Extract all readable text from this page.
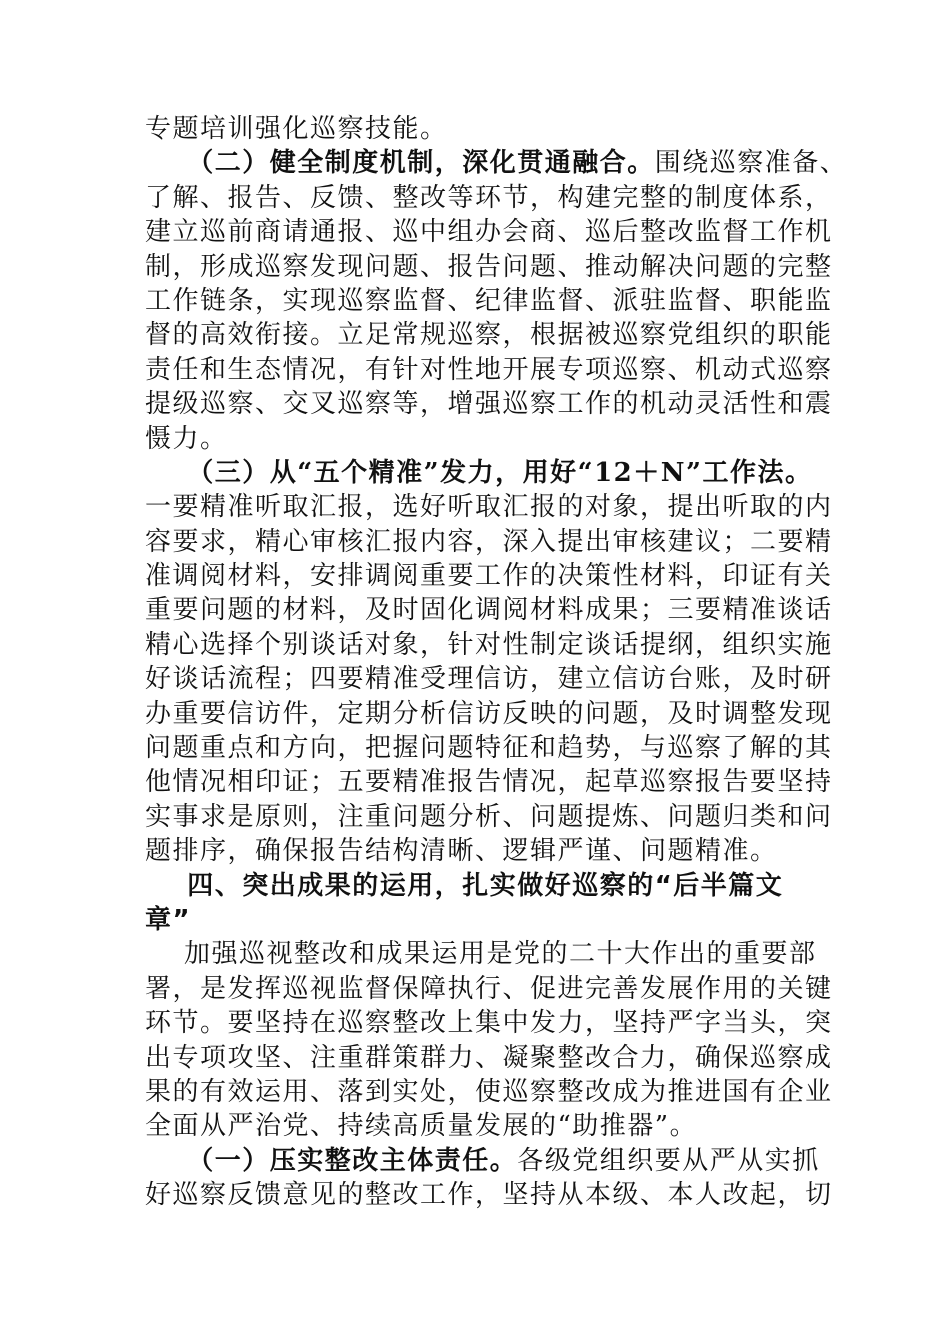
专题培训强化巡察技能。
（二）健全制度机制，深化贯通融合。围绕巡察准备、
了解、报告、反馈、整改等环节，构建完整的制度体系，
建立巡前商请通报、巡中组办会商、巡后整改监督工作机
制，形成巡察发现问题、报告问题、推动解决问题的完整
工作链条，实现巡察监督、纪律监督、派驻监督、职能监
督的高效衔接。立足常规巡察，根据被巡察党组织的职能
责任和生态情况，有针对性地开展专项巡察、机动式巡察
提级巡察、交叉巡察等，增强巡察工作的机动灵活性和震
慑力。
（三）从“五个精准”发力，用好“12＋N”工作法。
一要精准听取汇报，选好听取汇报的对象，提出听取的内
容要求，精心审核汇报内容，深入提出审核建议；二要精
准调阅材料，安排调阅重要工作的决策性材料，印证有关
重要问题的材料，及时固化调阅材料成果；三要精准谈话
精心选择个别谈话对象，针对性制定谈话提纲，组织实施
好谈话流程；四要精准受理信访，建立信访台账，及时研
办重要信访件，定期分析信访反映的问题，及时调整发现
问题重点和方向，把握问题特征和趋势，与巡察了解的其
他情况相印证；五要精准报告情况，起草巡察报告要坚持
实事求是原则，注重问题分析、问题提炼、问题归类和问
题排序，确保报告结构清晰、逻辑严谨、问题精准。
四、突出成果的运用，扎实做好巡察的“后半篇文
章”
加强巡视整改和成果运用是党的二十大作出的重要部
署，是发挥巡视监督保障执行、促进完善发展作用的关键
环节。要坚持在巡察整改上集中发力，坚持严字当头，突
出专项攻坚、注重群策群力、凝聚整改合力，确保巡察成
果的有效运用、落到实处，使巡察整改成为推进国有企业
全面从严治党、持续高质量发展的“助推器”。
（一）压实整改主体责任。各级党组织要从严从实抓
好巡察反馈意见的整改工作，坚持从本级、本人改起，切
